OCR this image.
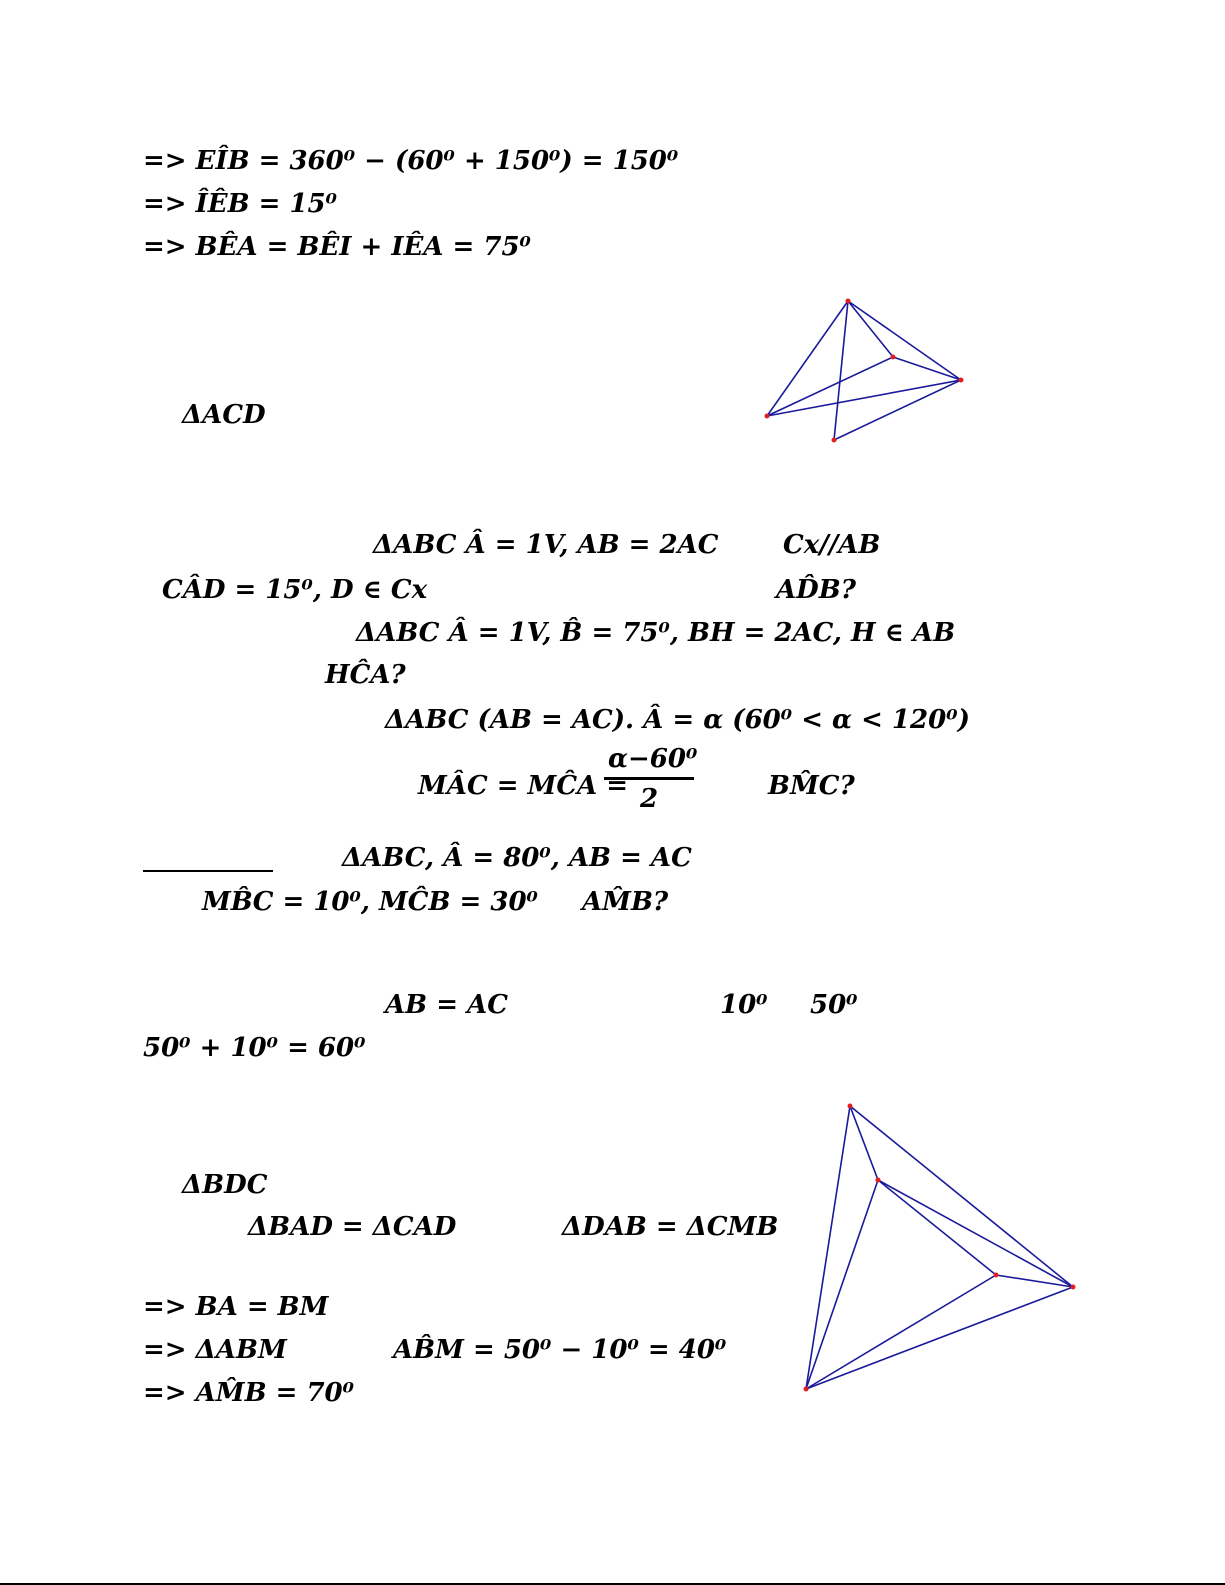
=> EÎB = 360⁰ − (60⁰ + 150⁰) = 150⁰
=> ÎÊB = 15⁰
=> BÊA = BÊI + IÊA = 75⁰
ΔACD
ΔABC Â = 1V, AB = 2AC Cx//AB
CÂD = 15⁰, D ∈ Cx	AD̂B?
ΔABC Â = 1V, B̂ = 75⁰, BH = 2AC, H ∈ AB
HĈA?
ΔABC (AB = AC). Â = α (60⁰ < α < 120⁰)
MÂC = MĈA =
$\frac{\text{α−60⁰}}{2}$	BM̂C?
ΔABC, Â = 80⁰, AB = AC
MB̂C = 10⁰, MĈB = 30⁰ AM̂B?
AB = AC	10⁰ 50⁰
50⁰ + 10⁰ = 60⁰
ΔBDC
ΔBAD = ΔCAD	ΔDAB = ΔCMB
=> BA = BM
=> ΔABM	AB̂M = 50⁰ − 10⁰ = 40⁰
=> AM̂B = 70⁰
